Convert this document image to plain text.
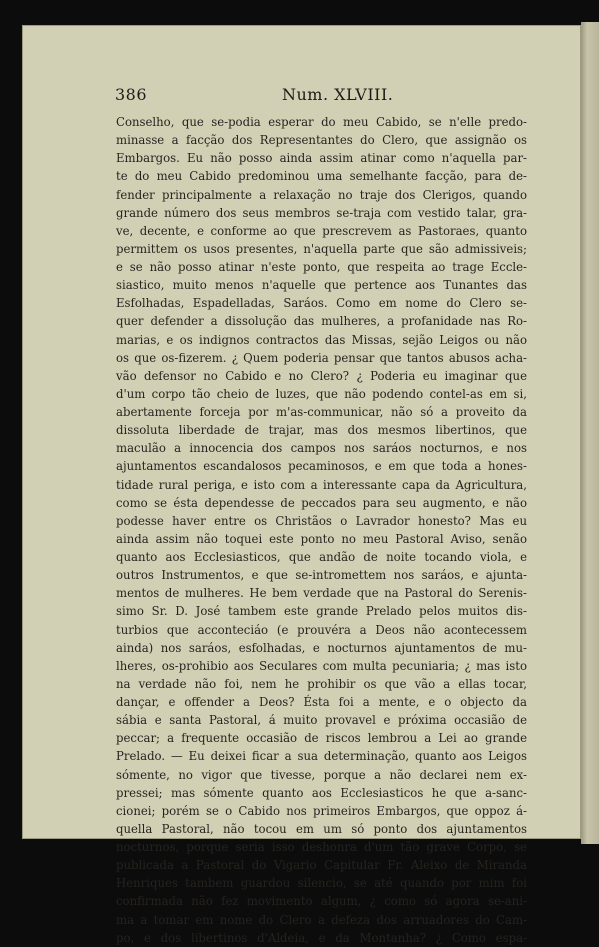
386	Num. XLVIII.
Conselho, que se-podia esperar do meu Cabido, se n'elle predo-
minasse a facção dos Representantes do Clero, que assignão os
Embargos. Eu não posso ainda assim atinar como n'aquella par-
te do meu Cabido predominou uma semelhante facção, para de-
fender principalmente a relaxação no traje dos Clerigos, quando
grande número dos seus membros se-traja com vestido talar, gra-
ve, decente, e conforme ao que prescrevem as Pastoraes, quanto
permittem os usos presentes, n'aquella parte que são admissiveis;
e se não posso atinar n'este ponto, que respeita ao trage Eccle-
siastico, muito menos n'aquelle que pertence aos Tunantes das
Esfolhadas, Espadelladas, Saráos. Como em nome do Clero se-
quer defender a dissolução das mulheres, a profanidade nas Ro-
marias, e os indignos contractos das Missas, sejão Leigos ou não
os que os-fizerem. ¿ Quem poderia pensar que tantos abusos acha-
vão defensor no Cabido e no Clero? ¿ Poderia eu imaginar que
d'um corpo tão cheio de luzes, que não podendo contel-as em si,
abertamente forceja por m'as-communicar, não só a proveito da
dissoluta liberdade de trajar, mas dos mesmos libertinos, que
maculão a innocencia dos campos nos saráos nocturnos, e nos
ajuntamentos escandalosos pecaminosos, e em que toda a hones-
tidade rural periga, e isto com a interessante capa da Agricultura,
como se ésta dependesse de peccados para seu augmento, e não
podesse haver entre os Christãos o Lavrador honesto? Mas eu
ainda assim não toquei este ponto no meu Pastoral Aviso, senão
quanto aos Ecclesiasticos, que andão de noite tocando viola, e
outros Instrumentos, e que se-intromettem nos saráos, e ajunta-
mentos de mulheres. He bem verdade que na Pastoral do Serenis-
simo Sr. D. José tambem este grande Prelado pelos muitos dis-
turbios que acconteciáo (e prouvéra a Deos não acontecessem
ainda) nos saráos, esfolhadas, e nocturnos ajuntamentos de mu-
lheres, os-prohibio aos Seculares com multa pecuniaria; ¿ mas isto
na verdade não foi, nem he prohibir os que vão a ellas tocar,
dançar, e offender a Deos? Ésta foi a mente, e o objecto da
sábia e santa Pastoral, á muito provavel e próxima occasião de
peccar; a frequente occasião de riscos lembrou a Lei ao grande
Prelado. — Eu deixei ficar a sua determinação, quanto aos Leigos
sómente, no vigor que tivesse, porque a não declarei nem ex-
pressei; mas sómente quanto aos Ecclesiasticos he que a-sanc-
cionei; porém se o Cabido nos primeiros Embargos, que oppoz á-
quella Pastoral, não tocou em um só ponto dos ajuntamentos
nocturnos, porque seria isso deshonra d'um tão grave Corpo, se
publicada a Pastoral do Vigario Capitular Fr. Aleixo de Miranda
Henriques tambem guardou silencio, se até quando por mim foi
confirmada não fez movimento algum, ¿ como só agora se-ani-
ma a tomar em nome do Clero a defeza dos arruadores do Cam-
po, e dos libertinos d'Aldeia, e da Montanha? ¿ Como espa-
